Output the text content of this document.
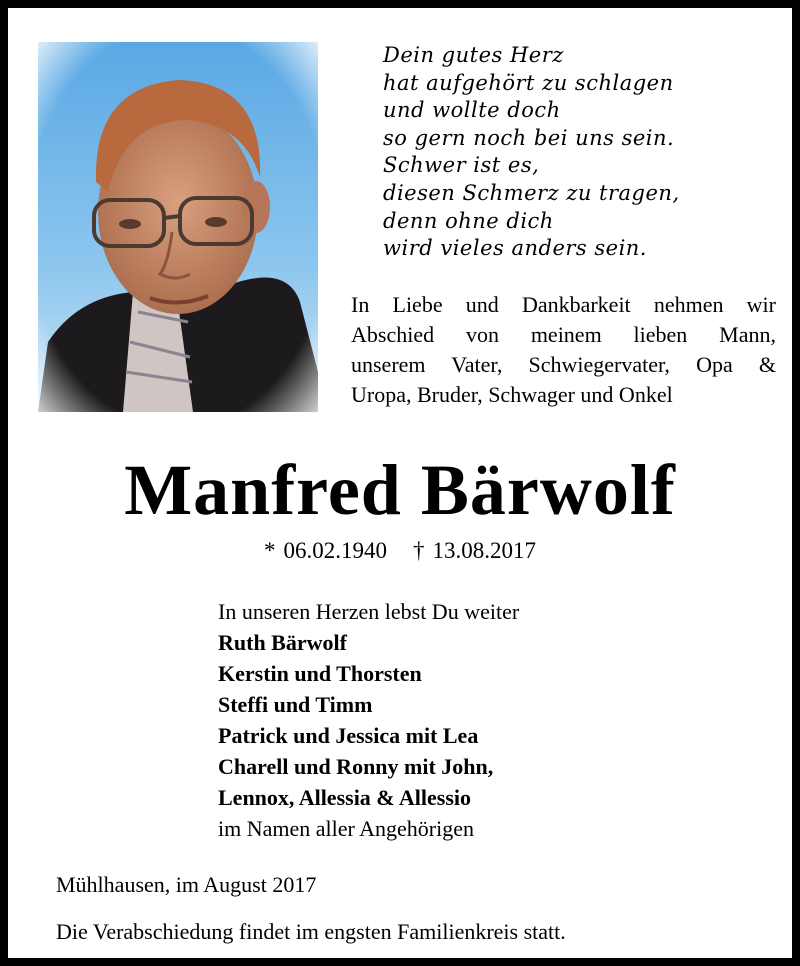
Dein gutes Herz
hat aufgehört zu schlagen
und wollte doch
so gern noch bei uns sein.
Schwer ist es,
diesen Schmerz zu tragen,
denn ohne dich
wird vieles anders sein.
In Liebe und Dankbarkeit nehmen wir
Abschied von meinem lieben Mann,
unserem Vater, Schwiegervater, Opa &
Uropa, Bruder, Schwager und Onkel
Manfred Bärwolf
* 06.02.1940 † 13.08.2017
In unseren Herzen lebst Du weiter
Ruth Bärwolf
Kerstin und Thorsten
Steffi und Timm
Patrick und Jessica mit Lea
Charell und Ronny mit John,
Lennox, Allessia & Allessio
im Namen aller Angehörigen
Mühlhausen, im August 2017
Die Verabschiedung findet im engsten Familienkreis statt.
